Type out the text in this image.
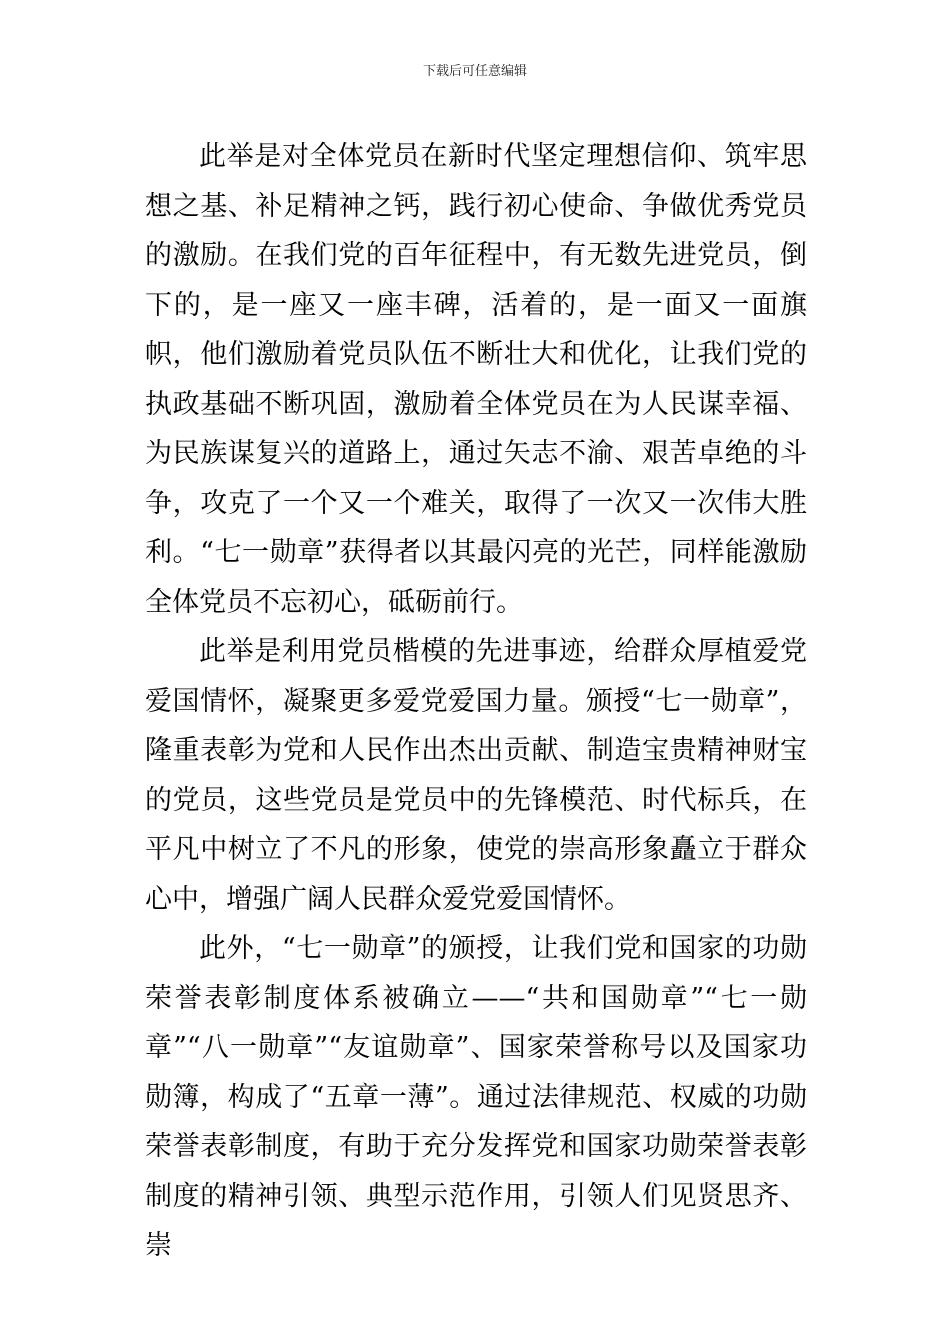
下载后可任意编辑

此举是对全体党员在新时代坚定理想信仰、筑牢思想之基、补足精神之钙，践行初心使命、争做优秀党员的激励。在我们党的百年征程中，有无数先进党员，倒下的，是一座又一座丰碑，活着的，是一面又一面旗帜，他们激励着党员队伍不断壮大和优化，让我们党的执政基础不断巩固，激励着全体党员在为人民谋幸福、为民族谋复兴的道路上，通过矢志不渝、艰苦卓绝的斗争，攻克了一个又一个难关，取得了一次又一次伟大胜利。“七一勋章”获得者以其最闪亮的光芒，同样能激励全体党员不忘初心，砥砺前行。

此举是利用党员楷模的先进事迹，给群众厚植爱党爱国情怀，凝聚更多爱党爱国力量。颁授“七一勋章”，隆重表彰为党和人民作出杰出贡献、制造宝贵精神财宝的党员，这些党员是党员中的先锋模范、时代标兵，在平凡中树立了不凡的形象，使党的崇高形象矗立于群众心中，增强广阔人民群众爱党爱国情怀。

此外，“七一勋章”的颁授，让我们党和国家的功勋荣誉表彰制度体系被确立——“共和国勋章”“七一勋章”“八一勋章”“友谊勋章”、国家荣誉称号以及国家功勋簿，构成了“五章一薄”。通过法律规范、权威的功勋荣誉表彰制度，有助于充分发挥党和国家功勋荣誉表彰制度的精神引领、典型示范作用，引领人们见贤思齐、崇
